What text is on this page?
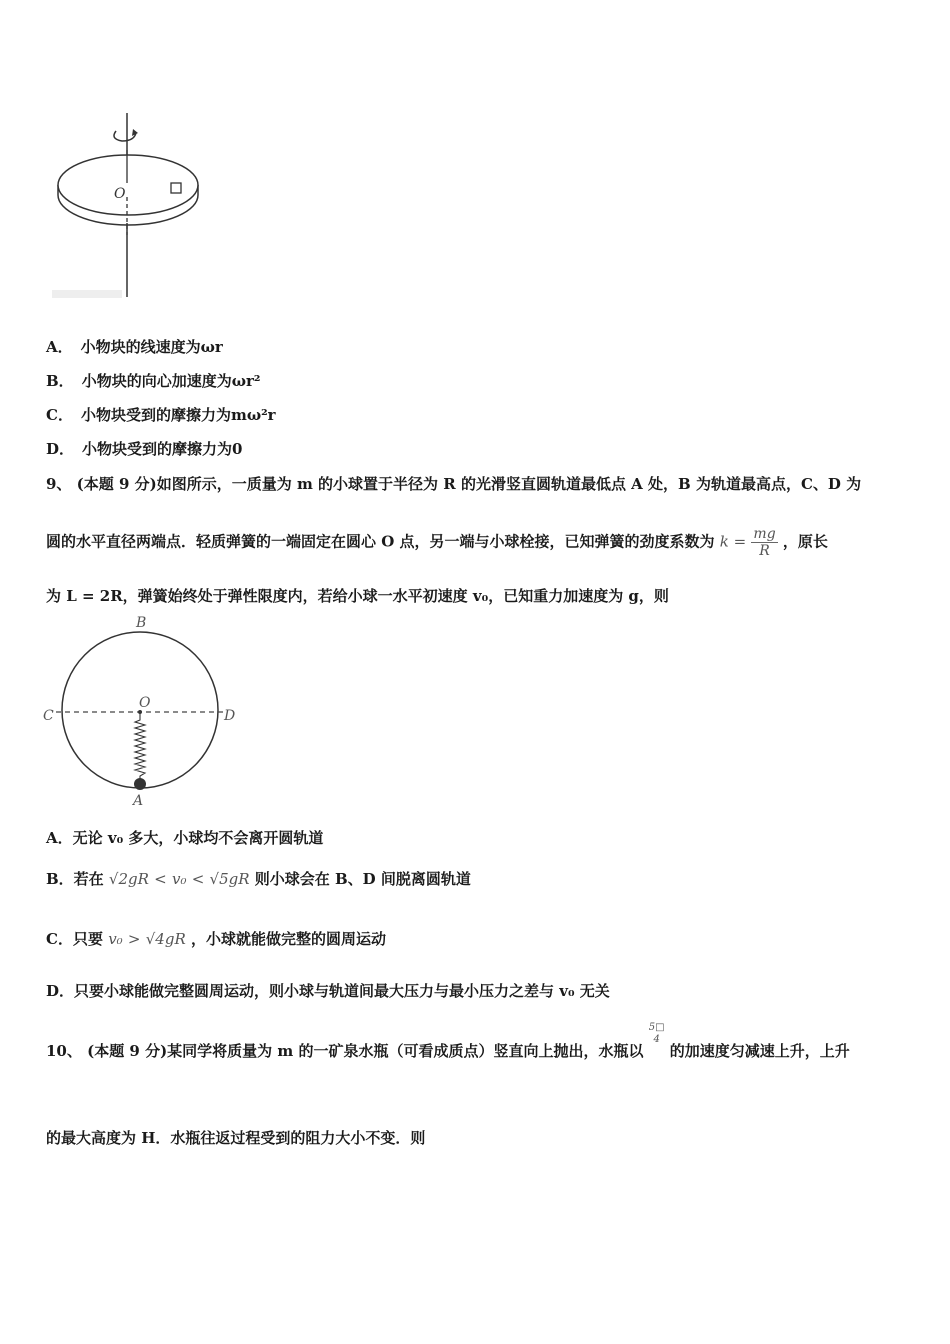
O
A． 小物块的线速度为ωr
B． 小物块的向心加速度为ωr²
C． 小物块受到的摩擦力为mω²r
D． 小物块受到的摩擦力为0
9、 (本题 9 分)如图所示，一质量为 m 的小球置于半径为 R 的光滑竖直圆轨道最低点 A 处，B 为轨道最高点，C、D 为
圆的水平直径两端点．轻质弹簧的一端固定在圆心 O 点，另一端与小球栓接，已知弹簧的劲度系数为 $k = \frac{mg}{R}$ ，原长
为 L = 2R，弹簧始终处于弹性限度内，若给小球一水平初速度 v₀，已知重力加速度为 g，则
B
O
C	D
A
A．无论 v₀ 多大，小球均不会离开圆轨道
B．若在 √2gR < v₀ < √5gR 则小球会在 B、D 间脱离圆轨道
C．只要 v₀ > √4gR ，小球就能做完整的圆周运动
D．只要小球能做完整圆周运动，则小球与轨道间最大压力与最小压力之差与 v₀ 无关
10、 (本题 9 分)某同学将质量为 m 的一矿泉水瓶（可看成质点）竖直向上抛出，水瓶以
5□
4
的加速度匀减速上升，上升
的最大高度为 H．水瓶往返过程受到的阻力大小不变．则
